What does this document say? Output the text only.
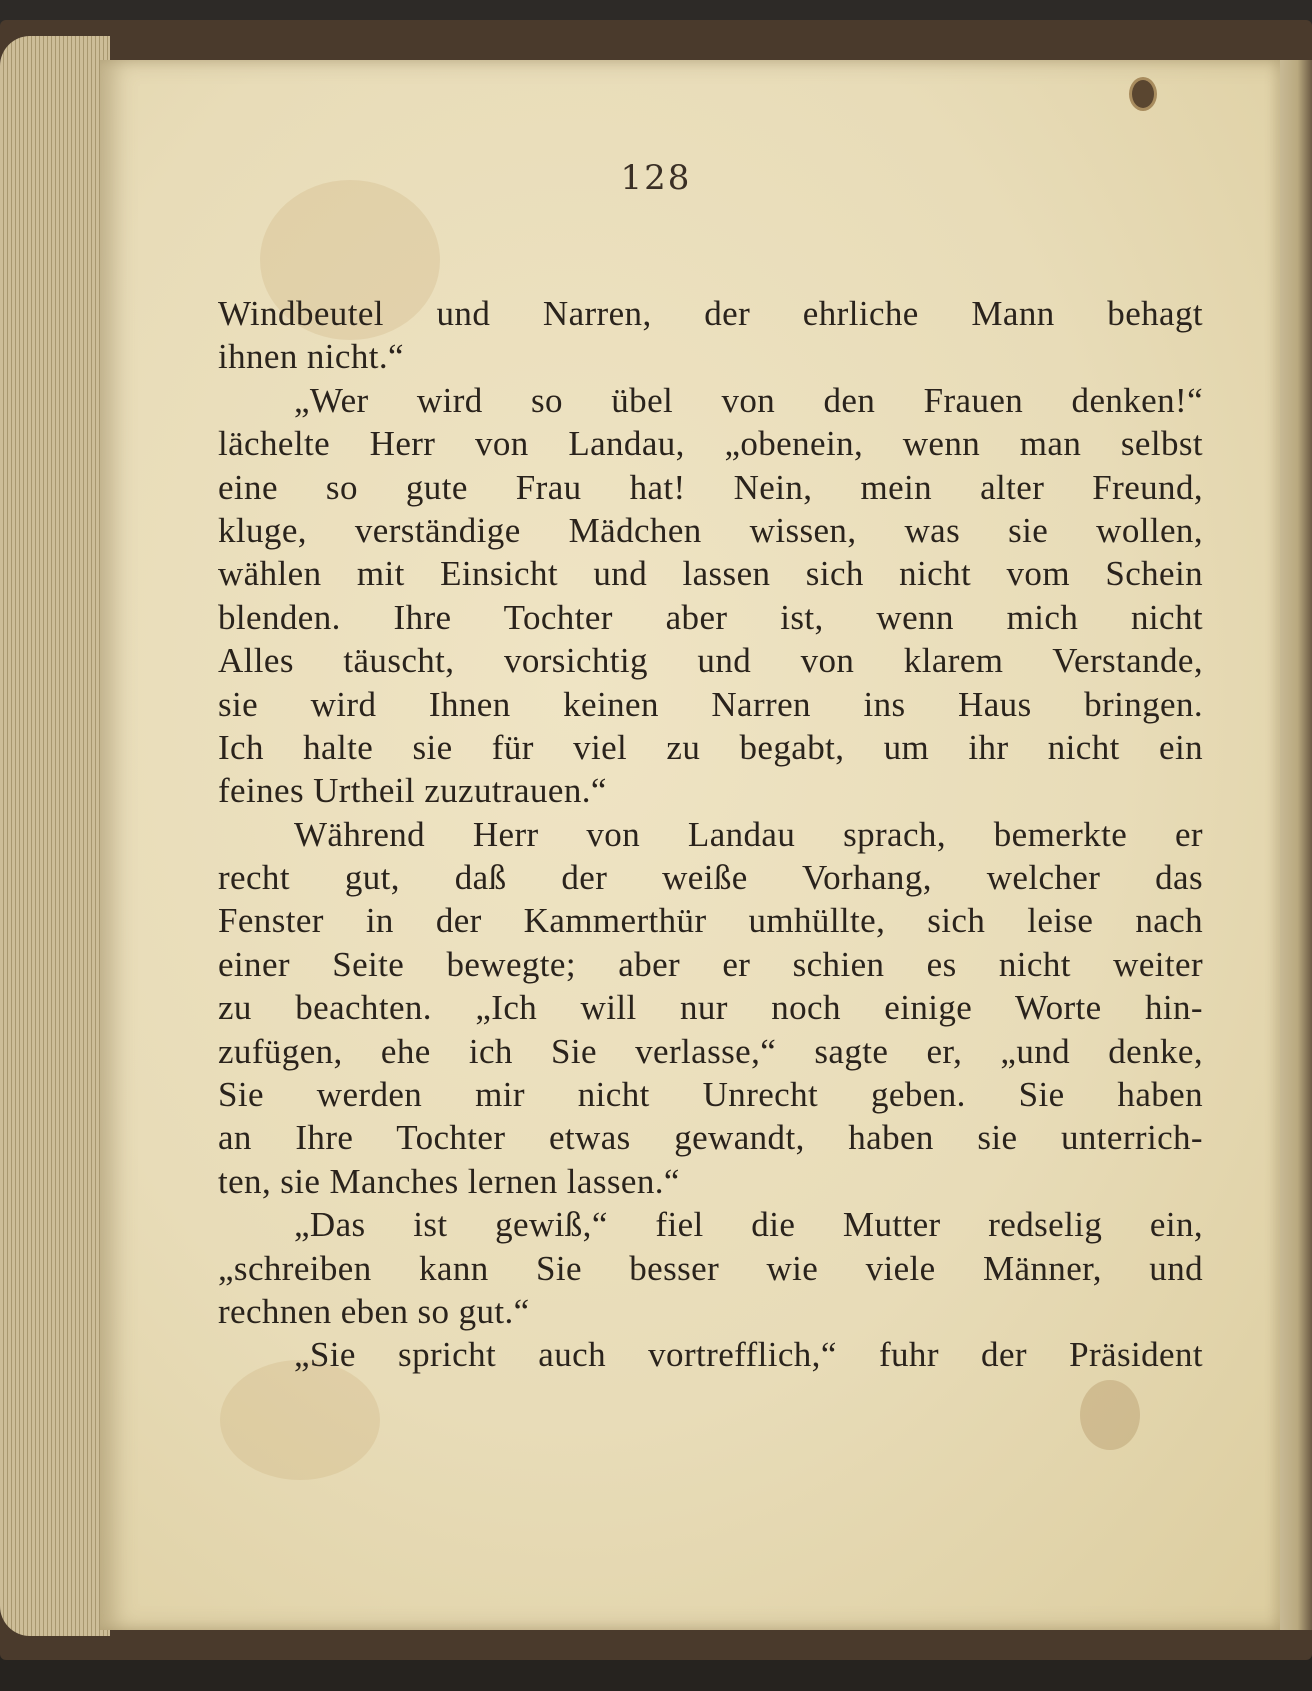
128
Windbeutel und Narren, der ehrliche Mann behagt
ihnen nicht.“
„Wer wird so übel von den Frauen denken!“
lächelte Herr von Landau, „obenein, wenn man selbst
eine so gute Frau hat! Nein, mein alter Freund,
kluge, verständige Mädchen wissen, was sie wollen,
wählen mit Einsicht und lassen sich nicht vom Schein
blenden. Ihre Tochter aber ist, wenn mich nicht
Alles täuscht, vorsichtig und von klarem Verstande,
sie wird Ihnen keinen Narren ins Haus bringen.
Ich halte sie für viel zu begabt, um ihr nicht ein
feines Urtheil zuzutrauen.“
Während Herr von Landau sprach, bemerkte er
recht gut, daß der weiße Vorhang, welcher das
Fenster in der Kammerthür umhüllte, sich leise nach
einer Seite bewegte; aber er schien es nicht weiter
zu beachten. „Ich will nur noch einige Worte hin-
zufügen, ehe ich Sie verlasse,“ sagte er, „und denke,
Sie werden mir nicht Unrecht geben. Sie haben
an Ihre Tochter etwas gewandt, haben sie unterrich-
ten, sie Manches lernen lassen.“
„Das ist gewiß,“ fiel die Mutter redselig ein,
„schreiben kann Sie besser wie viele Männer, und
rechnen eben so gut.“
„Sie spricht auch vortrefflich,“ fuhr der Präsident
